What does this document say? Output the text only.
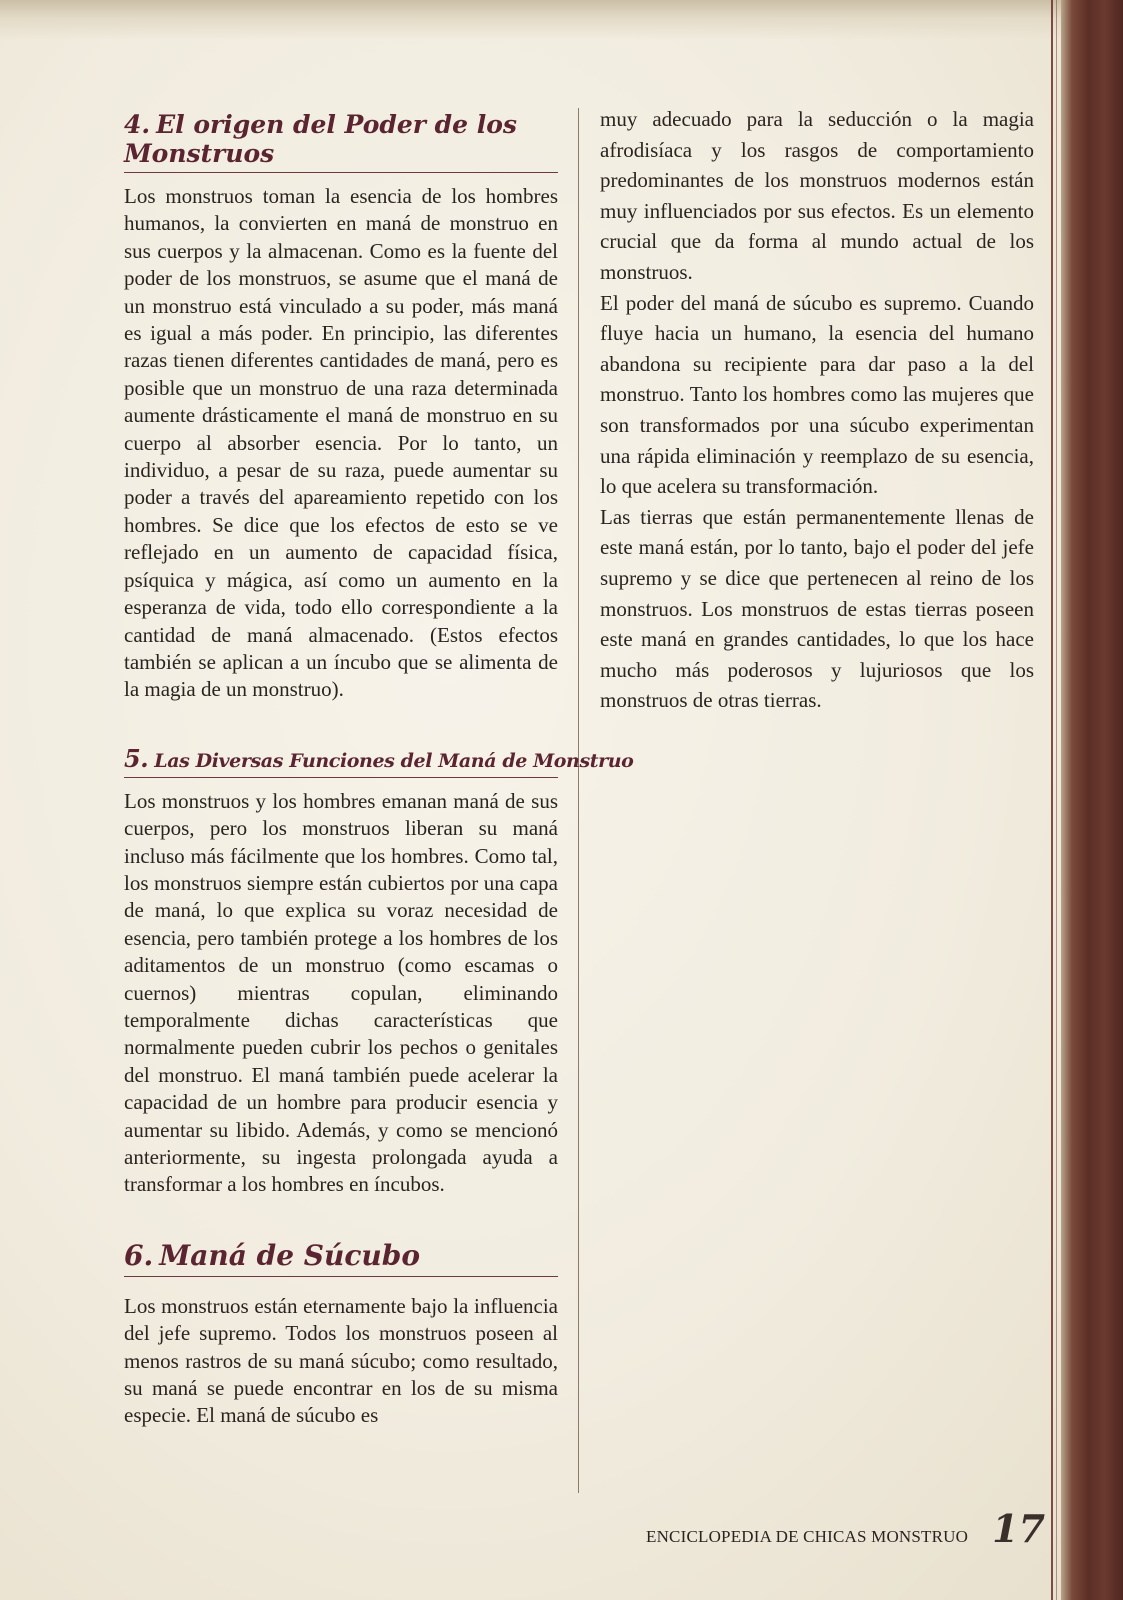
4. El origen del Poder de los Monstruos

Los monstruos toman la esencia de los hombres humanos, la convierten en maná de monstruo en sus cuerpos y la almacenan. Como es la fuente del poder de los monstruos, se asume que el maná de un monstruo está vinculado a su poder, más maná es igual a más poder. En principio, las diferentes razas tienen diferentes cantidades de maná, pero es posible que un monstruo de una raza determinada aumente drásticamente el maná de monstruo en su cuerpo al absorber esencia. Por lo tanto, un individuo, a pesar de su raza, puede aumentar su poder a través del apareamiento repetido con los hombres. Se dice que los efectos de esto se ve reflejado en un aumento de capacidad física, psíquica y mágica, así como un aumento en la esperanza de vida, todo ello correspondiente a la cantidad de maná almacenado. (Estos efectos también se aplican a un íncubo que se alimenta de la magia de un monstruo).

5. Las Diversas Funciones del Maná de Monstruo

Los monstruos y los hombres emanan maná de sus cuerpos, pero los monstruos liberan su maná incluso más fácilmente que los hombres. Como tal, los monstruos siempre están cubiertos por una capa de maná, lo que explica su voraz necesidad de esencia, pero también protege a los hombres de los aditamentos de un monstruo (como escamas o cuernos) mientras copulan, eliminando temporalmente dichas características que normalmente pueden cubrir los pechos o genitales del monstruo. El maná también puede acelerar la capacidad de un hombre para producir esencia y aumentar su libido. Además, y como se mencionó anteriormente, su ingesta prolongada ayuda a transformar a los hombres en íncubos.

6. Maná de Súcubo

Los monstruos están eternamente bajo la influencia del jefe supremo. Todos los monstruos poseen al menos rastros de su maná súcubo; como resultado, su maná se puede encontrar en los de su misma especie. El maná de súcubo es

muy adecuado para la seducción o la magia afrodisíaca y los rasgos de comportamiento predominantes de los monstruos modernos están muy influenciados por sus efectos. Es un elemento crucial que da forma al mundo actual de los monstruos.

El poder del maná de súcubo es supremo. Cuando fluye hacia un humano, la esencia del humano abandona su recipiente para dar paso a la del monstruo. Tanto los hombres como las mujeres que son transformados por una súcubo experimentan una rápida eliminación y reemplazo de su esencia, lo que acelera su transformación.

Las tierras que están permanentemente llenas de este maná están, por lo tanto, bajo el poder del jefe supremo y se dice que pertenecen al reino de los monstruos. Los monstruos de estas tierras poseen este maná en grandes cantidades, lo que los hace mucho más poderosos y lujuriosos que los monstruos de otras tierras.

ENCICLOPEDIA DE CHICAS MONSTRUO 17
